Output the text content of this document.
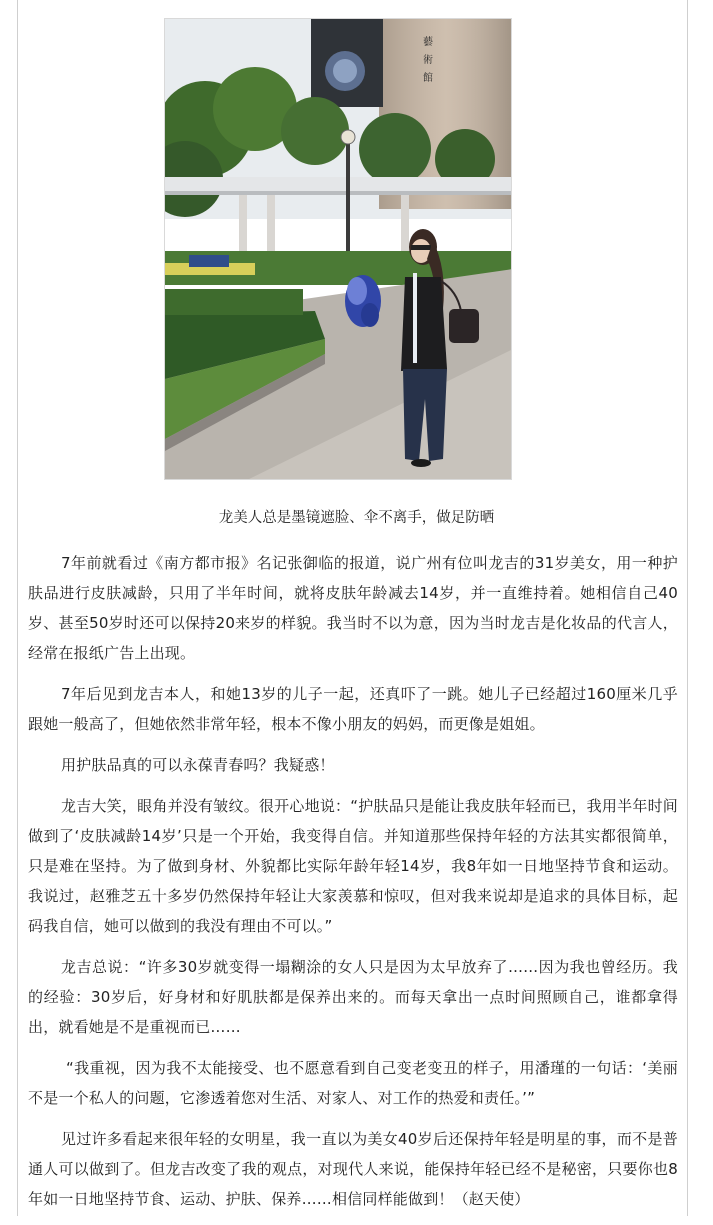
藝
術
館
龙美人总是墨镜遮脸、伞不离手，做足防晒

7年前就看过《南方都市报》名记张御临的报道，说广州有位叫龙吉的31岁美女，用一种护肤品进行皮肤减龄，只用了半年时间，就将皮肤年龄减去14岁，并一直维持着。她相信自己40岁、甚至50岁时还可以保持20来岁的样貌。我当时不以为意，因为当时龙吉是化妆品的代言人，经常在报纸广告上出现。

7年后见到龙吉本人，和她13岁的儿子一起，还真吓了一跳。她儿子已经超过160厘米几乎跟她一般高了，但她依然非常年轻，根本不像小朋友的妈妈，而更像是姐姐。

用护肤品真的可以永葆青春吗？我疑惑！

龙吉大笑，眼角并没有皱纹。很开心地说：“护肤品只是能让我皮肤年轻而已，我用半年时间做到了‘皮肤减龄14岁’只是一个开始，我变得自信。并知道那些保持年轻的方法其实都很简单，只是难在坚持。为了做到身材、外貌都比实际年龄年轻14岁，我8年如一日地坚持节食和运动。我说过，赵雅芝五十多岁仍然保持年轻让大家羡慕和惊叹，但对我来说却是追求的具体目标，起码我自信，她可以做到的我没有理由不可以。”

龙吉总说：“许多30岁就变得一塌糊涂的女人只是因为太早放弃了……因为我也曾经历。我的经验：30岁后，好身材和好肌肤都是保养出来的。而每天拿出一点时间照顾自己，谁都拿得出，就看她是不是重视而已……

“我重视，因为我不太能接受、也不愿意看到自己变老变丑的样子，用潘瑾的一句话：‘美丽不是一个私人的问题，它渗透着您对生活、对家人、对工作的热爱和责任。’”

见过许多看起来很年轻的女明星，我一直以为美女40岁后还保持年轻是明星的事，而不是普通人可以做到了。但龙吉改变了我的观点，对现代人来说，能保持年轻已经不是秘密，只要你也8年如一日地坚持节食、运动、护肤、保养……相信同样能做到！（赵天使）
